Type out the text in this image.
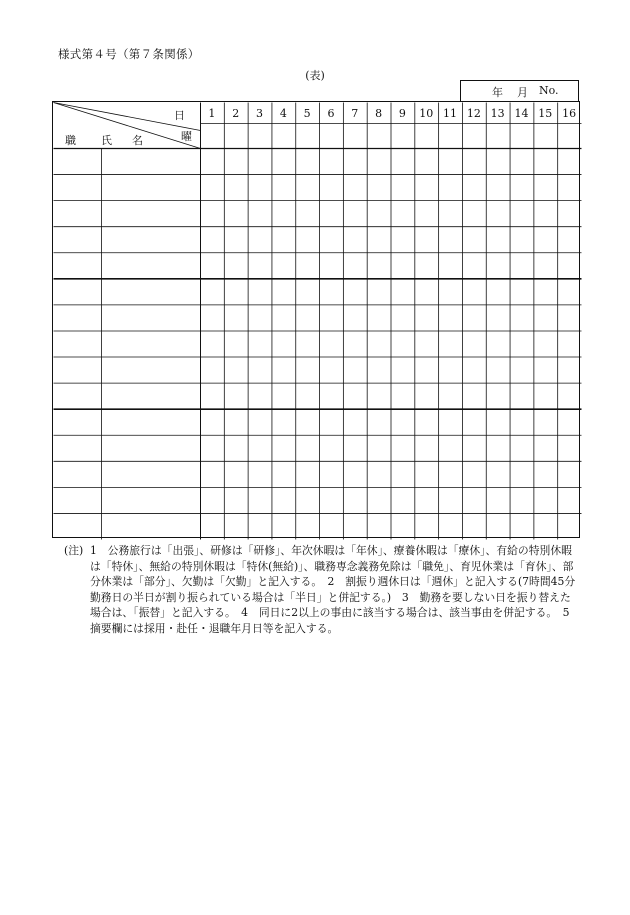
様式第４号（第７条関係）
(表)
年 月 No.
1	2	3	4	5	6	7	8	9	10 11 12 13 14 15 16
日
曜
職 氏 名
(注) 1　公務旅行は「出張」、研修は「研修」、年次休暇は「年休」、療養休暇は「療休」、有給の特別休暇は「特休」、無給の特別休暇は「特休(無給)」、職務専念義務免除は「職免」、育児休業は「育休」、部分休業は「部分」、欠勤は「欠勤」と記入する。　 2　割振り週休日は「週休」と記入する(7時間45分勤務日の半日が割り振られている場合は「半日」と併記する。)　 3　勤務を要しない日を振り替えた場合は、「振替」と記入する。　 4　同日に2以上の事由に該当する場合は、該当事由を併記する。　 5　摘要欄には採用・赴任・退職年月日等を記入する。
